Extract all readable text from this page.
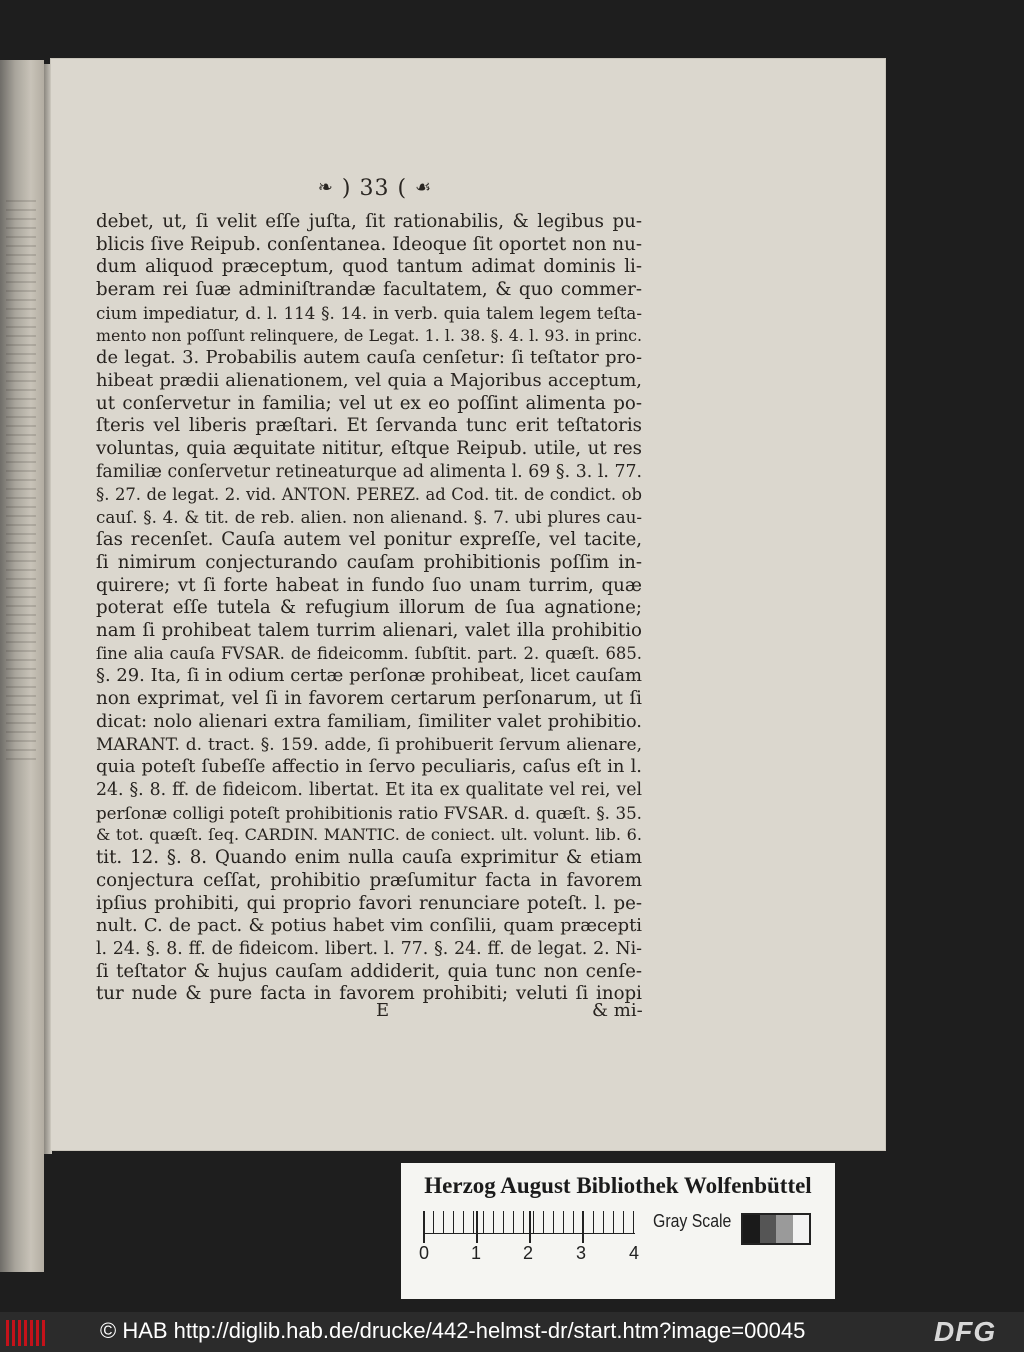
❧ ) 33 ( ☙
debet, ut, ſi velit eſſe juſta, ſit rationabilis, & legibus pu-
blicis ſive Reipub. conſentanea. Ideoque ſit oportet non nu-
dum aliquod præceptum, quod tantum adimat dominis li-
beram rei ſuæ adminiſtrandæ facultatem, & quo commer-
cium impediatur, d. l. 114 §. 14. in verb. quia talem legem teſta-
mento non poſſunt relinquere, de Legat. 1. l. 38. §. 4. l. 93. in princ.
de legat. 3. Probabilis autem cauſa cenſetur: ſi teſtator pro-
hibeat prædii alienationem, vel quia a Majoribus acceptum,
ut conſervetur in familia; vel ut ex eo poſſint alimenta po-
ſteris vel liberis præſtari. Et ſervanda tunc erit teſtatoris
voluntas, quia æquitate nititur, eſtque Reipub. utile, ut res
familiæ conſervetur retineaturque ad alimenta l. 69 §. 3. l. 77.
§. 27. de legat. 2. vid. ANTON. PEREZ. ad Cod. tit. de condict. ob
cauſ. §. 4. & tit. de reb. alien. non alienand. §. 7. ubi plures cau-
ſas recenſet. Cauſa autem vel ponitur expreſſe, vel tacite,
ſi nimirum conjecturando cauſam prohibitionis poſſim in-
quirere; vt ſi forte habeat in fundo ſuo unam turrim, quæ
poterat eſſe tutela & refugium illorum de ſua agnatione;
nam ſi prohibeat talem turrim alienari, valet illa prohibitio
ſine alia cauſa FVSAR. de fideicomm. ſubſtit. part. 2. quæſt. 685.
§. 29. Ita, ſi in odium certæ perſonæ prohibeat, licet cauſam
non exprimat, vel ſi in favorem certarum perſonarum, ut ſi
dicat: nolo alienari extra familiam, ſimiliter valet prohibitio.
MARANT. d. tract. §. 159. adde, ſi prohibuerit ſervum alienare,
quia poteſt ſubeſſe affectio in ſervo peculiaris, caſus eſt in l.
24. §. 8. ff. de fideicom. libertat. Et ita ex qualitate vel rei, vel
perſonæ colligi poteſt prohibitionis ratio FVSAR. d. quæſt. §. 35.
& tot. quæſt. ſeq. CARDIN. MANTIC. de coniect. ult. volunt. lib. 6.
tit. 12. §. 8. Quando enim nulla cauſa exprimitur & etiam
conjectura ceſſat, prohibitio præſumitur facta in favorem
ipſius prohibiti, qui proprio favori renunciare poteſt. l. pe-
nult. C. de pact. & potius habet vim conſilii, quam præcepti
l. 24. §. 8. ff. de fideicom. libert. l. 77. §. 24. ff. de legat. 2. Ni-
ſi teſtator & hujus cauſam addiderit, quia tunc non cenſe-
tur nude & pure facta in favorem prohibiti; veluti ſi inopi
E	& mi-
Herzog August Bibliothek Wolfenbüttel
0 1 2 3 4
Gray Scale
© HAB http://diglib.hab.de/drucke/442-helmst-dr/start.htm?image=00045	DFG
